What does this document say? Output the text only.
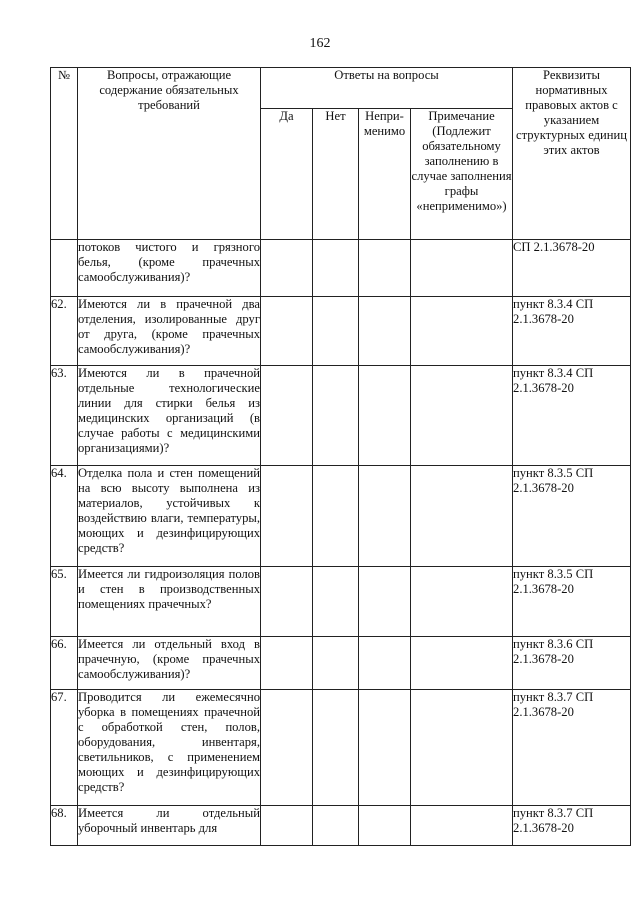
162
№	Вопросы, отражающие содержание обязательных требований	Ответы на вопросы				Реквизиты нормативных правовых актов с указанием структурных единиц этих актов
		Да	Нет	Непри-менимо	Примечание (Подлежит обязательному заполнению в случае заполнения графы «неприменимо»)	
	потоков чистого и грязного белья, (кроме прачечных самообслуживания)?					СП 2.1.3678-20
62.	Имеются ли в прачечной два отделения, изолированные друг от друга, (кроме прачечных самообслуживания)?					пункт 8.3.4 СП 2.1.3678-20
63.	Имеются ли в прачечной отдельные технологические линии для стирки белья из медицинских организаций (в случае работы с медицинскими организациями)?					пункт 8.3.4 СП 2.1.3678-20
64.	Отделка пола и стен помещений на всю высоту выполнена из материалов, устойчивых к воздействию влаги, температуры, моющих и дезинфицирующих средств?					пункт 8.3.5 СП 2.1.3678-20
65.	Имеется ли гидроизоляция полов и стен в производственных помещениях прачечных?					пункт 8.3.5 СП 2.1.3678-20
66.	Имеется ли отдельный вход в прачечную, (кроме прачечных самообслуживания)?					пункт 8.3.6 СП 2.1.3678-20
67.	Проводится ли ежемесячно уборка в помещениях прачечной с обработкой стен, полов, оборудования, инвентаря, светильников, с применением моющих и дезинфицирующих средств?					пункт 8.3.7 СП 2.1.3678-20
68.	Имеется ли отдельный уборочный инвентарь для					пункт 8.3.7 СП 2.1.3678-20
